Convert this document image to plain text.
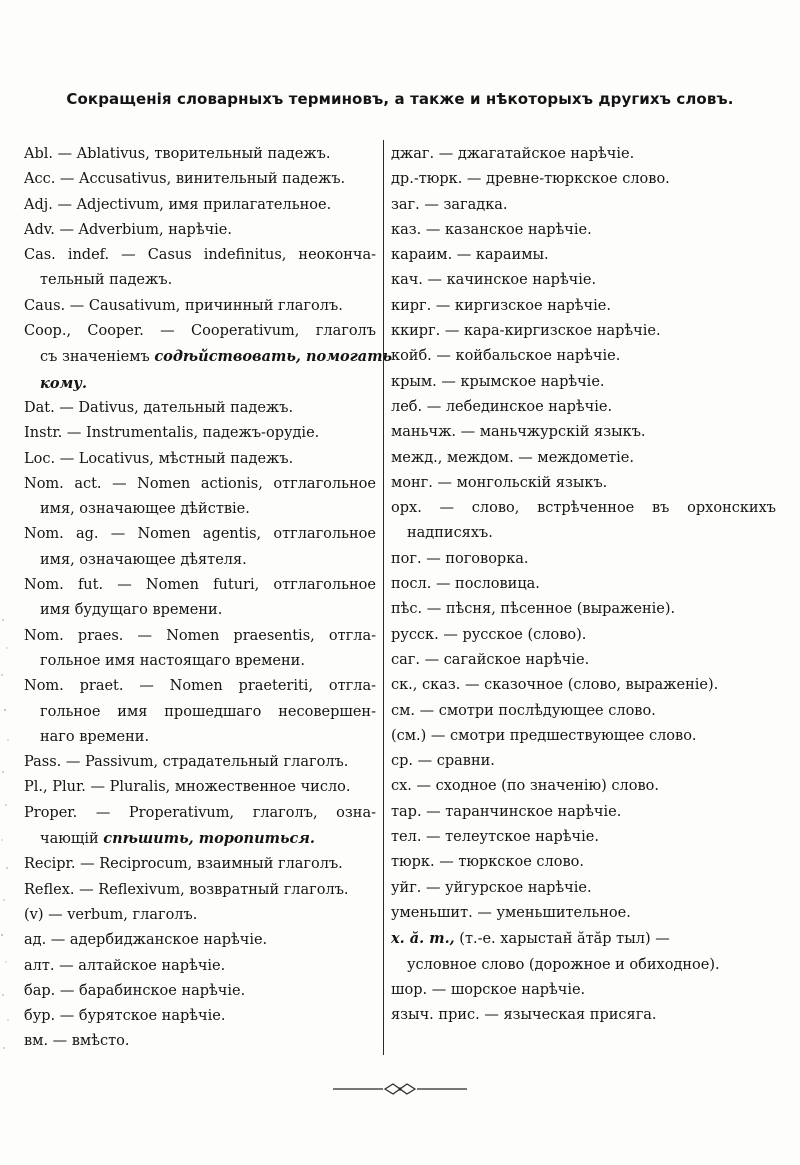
Сокращенія словарныхъ терминовъ, а также и нѣкоторыхъ другихъ словъ.
Abl. — Ablativus, творительный падежъ.
Acc. — Accusativus, винительный падежъ.
Adj. — Adjectivum, имя прилагательное.
Adv. — Adverbium, нарѣчіе.
Cas. indef. — Casus indefinitus, неоконча-
тельный падежъ.
Caus. — Causativum, причинный глаголъ.
Coop., Cooper. — Cooperativum, глаголъ
съ значеніемъ содѣйствовать, помогать
кому.
Dat. — Dativus, дательный падежъ.
Instr. — Instrumentalis, падежъ-орудіе.
Loc. — Locativus, мѣстный падежъ.
Nom. act. — Nomen actionis, отглагольное
имя, означающее дѣйствіе.
Nom. ag. — Nomen agentis, отглагольное
имя, означающее дѣятеля.
Nom. fut. — Nomen futuri, отглагольное
имя будущаго времени.
Nom. praes. — Nomen praesentis, отгла-
гольное имя настоящаго времени.
Nom. praet. — Nomen praeteriti, отгла-
гольное имя прошедшаго несовершен-
наго времени.
Pass. — Passivum, страдательный глаголъ.
Pl., Plur. — Pluralis, множественное число.
Proper. — Properativum, глаголъ, озна-
чающій спѣшить, торопиться.
Recipr. — Reciprocum, взаимный глаголъ.
Reflex. — Reflexivum, возвратный глаголъ.
(v) — verbum, глаголъ.
ад. — адербиджанское нарѣчіе.
алт. — алтайское нарѣчіе.
бар. — барабинское нарѣчіе.
бур. — бурятское нарѣчіе.
вм. — вмѣсто.
джаг. — джагатайское нарѣчіе.
др.-тюрк. — древне-тюркское слово.
заг. — загадка.
каз. — казанское нарѣчіе.
караим. — караимы.
кач. — качинское нарѣчіе.
кирг. — киргизское нарѣчіе.
ккирг. — кара-киргизское нарѣчіе.
койб. — койбальское нарѣчіе.
крым. — крымское нарѣчіе.
леб. — лебединское нарѣчіе.
маньчж. — маньчжурскій языкъ.
межд., междом. — междометіе.
монг. — монгольскій языкъ.
орх. — слово, встрѣченное въ орхонскихъ
надписяхъ.
пог. — поговорка.
посл. — пословица.
пѣс. — пѣсня, пѣсенное (выраженіе).
русск. — русское (слово).
саг. — сагайское нарѣчіе.
ск., сказ. — сказочное (слово, выраженіе).
см. — смотри послѣдующее слово.
(см.) — смотри предшествующее слово.
ср. — сравни.
сх. — сходное (по значенію) слово.
тар. — таранчинское нарѣчіе.
тел. — телеутское нарѣчіе.
тюрк. — тюркское слово.
уйг. — уйгурское нарѣчіе.
уменьшит. — уменьшительное.
х. ӑ. т., (т.-е. харыстан̆ ӑтӑр тыл) —
условное слово (дорожное и обиходное).
шор. — шорское нарѣчіе.
языч. прис. — языческая присяга.
